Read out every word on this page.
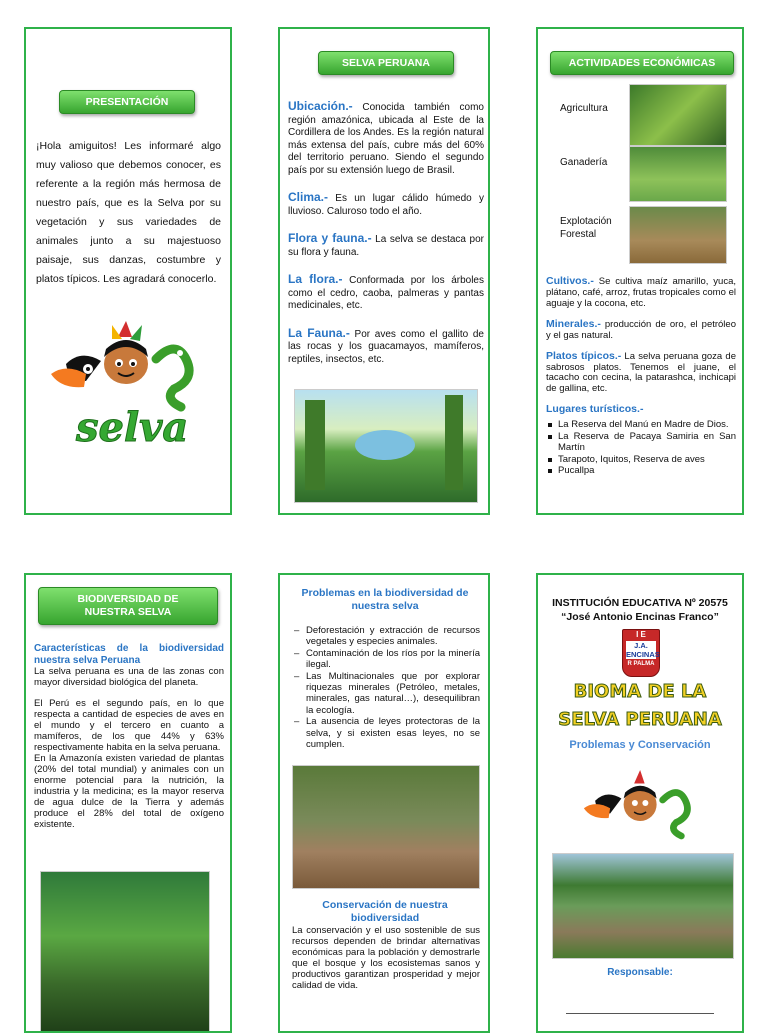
PRESENTACIÓN
¡Hola amiguitos! Les informaré algo muy valioso que debemos conocer, es referente a la región más hermosa de nuestro país, que es la Selva por su vegetación y sus variedades de animales junto a su majestuoso paisaje, sus danzas, costumbre y platos típicos. Les agradará conocerlo.
selva
SELVA PERUANA

Ubicación.- Conocida también como región amazónica, ubicada al Este de la Cordillera de los Andes. Es la región natural más extensa del país, cubre más del 60% del territorio peruano. Siendo el segundo país por su extensión luego de Brasil.

Clima.- Es un lugar cálido húmedo y lluvioso. Caluroso todo el año.

Flora y fauna.- La selva se destaca por su flora y fauna.

La flora.- Conformada por los árboles como el cedro, caoba, palmeras y pantas medicinales, etc.

La Fauna.- Por aves como el gallito de las rocas y los guacamayos, mamíferos, reptiles, insectos, etc.

ACTIVIDADES ECONÓMICAS
Agricultura
Ganadería
Explotación Forestal

Cultivos.- Se cultiva maíz amarillo, yuca, plátano, café, arroz, frutas tropicales como el aguaje y la cocona, etc.

Minerales.- producción de oro, el petróleo y el gas natural.

Platos típicos.- La selva peruana goza de sabrosos platos. Tenemos el juane, el tacacho con cecina, la patarashca, inchicapi de gallina, etc.

Lugares turísticos.-

La Reserva del Manú en Madre de Dios.
La Reserva de Pacaya Samiria en San Martín
Tarapoto, Iquitos, Reserva de aves
Pucallpa
BIODIVERSIDAD DE NUESTRA SELVA

Características de la biodiversidad nuestra selva Peruana

La selva peruana es una de las zonas con mayor diversidad biológica del planeta.

El Perú es el segundo país, en lo que respecta a cantidad de especies de aves en el mundo y el tercero en cuanto a mamíferos, de los que 44% y 63% respectivamente habita en la selva peruana.

En la Amazonía existen variedad de plantas (20% del total mundial) y animales con un enorme potencial para la nutrición, la industria y la medicina; es la mayor reserva de agua dulce de la Tierra y además produce el 28% del total de oxígeno existente.

Problemas en la biodiversidad de nuestra selva
– Deforestación y extracción de recursos vegetales y especies animales.
– Contaminación de los ríos por la minería ilegal.
– Las Multinacionales que por explorar riquezas minerales (Petróleo, metales, minerales, gas natural…), desequilibran la ecología.
– La ausencia de leyes protectoras de la selva, y si existen esas leyes, no se cumplen.
Conservación de nuestra biodiversidad
La conservación y el uso sostenible de sus recursos dependen de brindar alternativas económicas para la población y demostrarle que el bosque y los ecosistemas sanos y productivos garantizan prosperidad y mejor calidad de vida.
INSTITUCIÓN EDUCATIVA Nº 20575
“José Antonio Encinas Franco”
I E
J.A. ENCINAS
R PALMA
BIOMA DE LA
SELVA PERUANA
Problemas y Conservación
Responsable:
